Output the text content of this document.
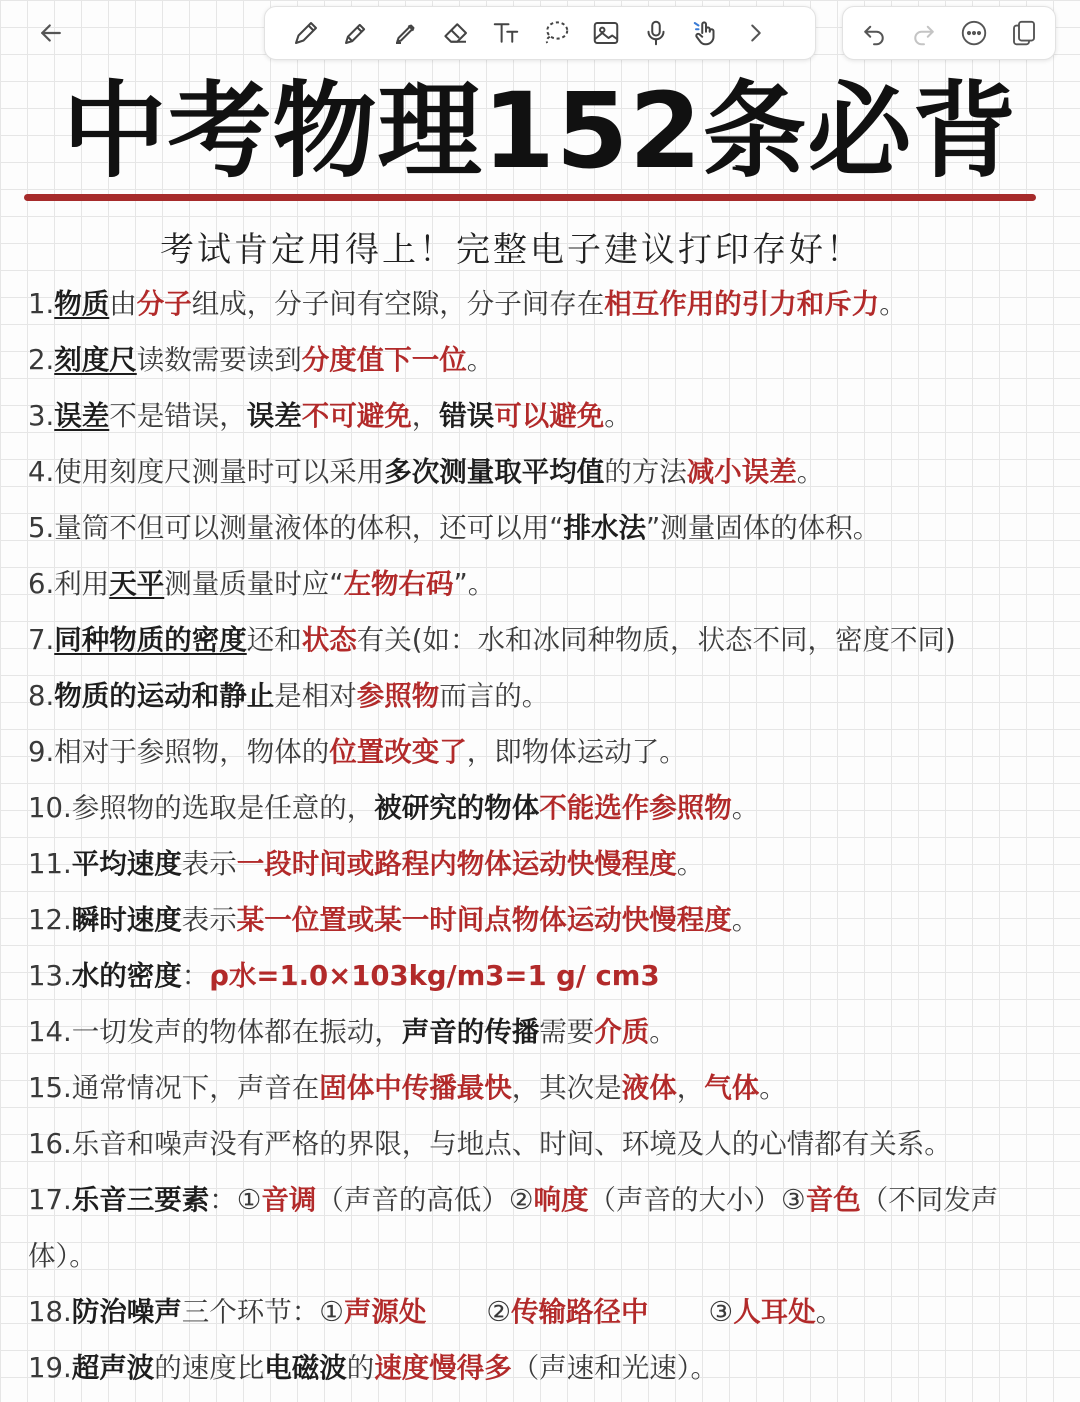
中考物理152条必背
考试肯定用得上！完整电子建议打印存好！
1.物质由分子组成，分子间有空隙，分子间存在相互作用的引力和斥力。
2.刻度尺读数需要读到分度值下一位。
3.误差不是错误，误差不可避免，错误可以避免。
4.使用刻度尺测量时可以采用多次测量取平均值的方法减小误差。
5.量筒不但可以测量液体的体积，还可以用“排水法”测量固体的体积。
6.利用天平测量质量时应“左物右码”。
7.同种物质的密度还和状态有关(如：水和冰同种物质，状态不同，密度不同)
8.物质的运动和静止是相对参照物而言的。
9.相对于参照物，物体的位置改变了，即物体运动了。
10.参照物的选取是任意的，被研究的物体不能选作参照物。
11.平均速度表示一段时间或路程内物体运动快慢程度。
12.瞬时速度表示某一位置或某一时间点物体运动快慢程度。
13.水的密度：ρ水=1.0×103kg/m3=1 g/ cm3
14.一切发声的物体都在振动，声音的传播需要介质。
15.通常情况下，声音在固体中传播最快，其次是液体，气体。
16.乐音和噪声没有严格的界限，与地点、时间、环境及人的心情都有关系。
17.乐音三要素：①音调（声音的高低）②响度（声音的大小）③音色（不同发声体）。
18.防治噪声三个环节：①声源处 ②传输路径中 ③人耳处。
19.超声波的速度比电磁波的速度慢得多（声速和光速）。
